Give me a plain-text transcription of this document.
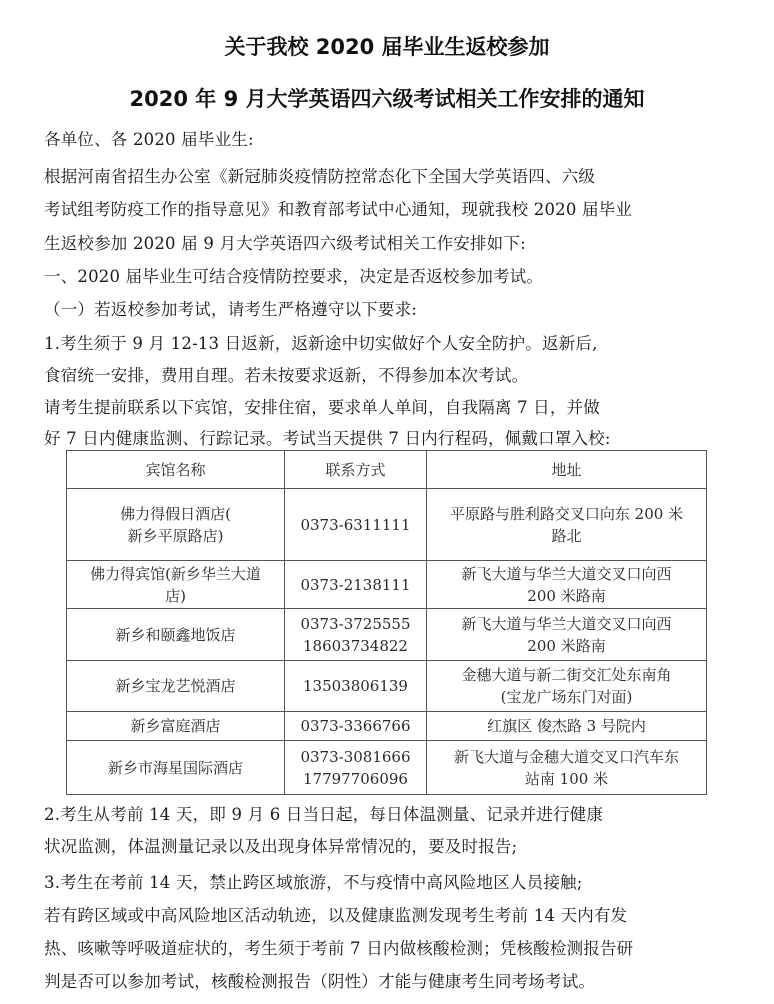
关于我校 2020 届毕业生返校参加
2020 年 9 月大学英语四六级考试相关工作安排的通知
各单位、各 2020 届毕业生:
根据河南省招生办公室《新冠肺炎疫情防控常态化下全国大学英语四、六级
考试组考防疫工作的指导意见》和教育部考试中心通知，现就我校 2020 届毕业
生返校参加 2020 届 9 月大学英语四六级考试相关工作安排如下:
一、2020 届毕业生可结合疫情防控要求，决定是否返校参加考试。
（一）若返校参加考试，请考生严格遵守以下要求:
1.考生须于 9 月 12-13 日返新，返新途中切实做好个人安全防护。返新后,
食宿统一安排，费用自理。若未按要求返新，不得参加本次考试。
请考生提前联系以下宾馆，安排住宿，要求单人单间，自我隔离 7 日，并做
好 7 日内健康监测、行踪记录。考试当天提供 7 日内行程码，佩戴口罩入校:
宾馆名称	联系方式	地址

佛力得假日酒店(
新乡平原路店)	0373-6311111	平原路与胜利路交叉口向东 200 米
路北

佛力得宾馆(新乡华兰大道
店)	0373-2138111	新飞大道与华兰大道交叉口向西
200 米路南

新乡和颐鑫地饭店	0373-3725555
18603734822	新飞大道与华兰大道交叉口向西
200 米路南

新乡宝龙艺悦酒店	13503806139	金穗大道与新二街交汇处东南角
(宝龙广场东门对面)

新乡富庭酒店	0373-3366766	红旗区 俊杰路 3 号院内

新乡市海星国际酒店	0373-3081666
17797706096	新飞大道与金穗大道交叉口汽车东
站南 100 米
2.考生从考前 14 天，即 9 月 6 日当日起，每日体温测量、记录并进行健康
状况监测，体温测量记录以及出现身体异常情况的，要及时报告;
3.考生在考前 14 天，禁止跨区域旅游，不与疫情中高风险地区人员接触;
若有跨区域或中高风险地区活动轨迹，以及健康监测发现考生考前 14 天内有发
热、咳嗽等呼吸道症状的，考生须于考前 7 日内做核酸检测；凭核酸检测报告研
判是否可以参加考试，核酸检测报告（阴性）才能与健康考生同考场考试。
